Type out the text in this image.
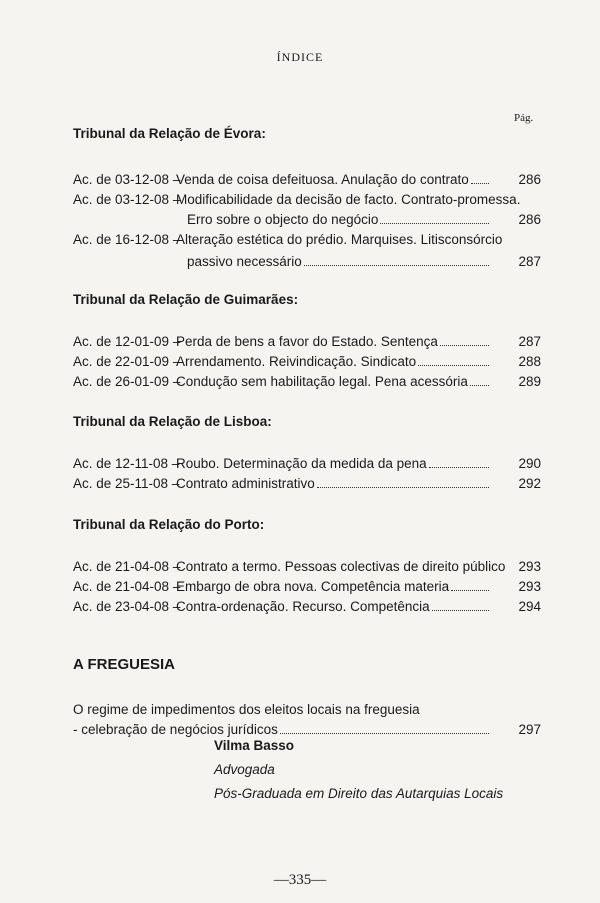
ÍNDICE
Pág.
Tribunal da Relação de Évora:
Ac. de 03-12-08 –
Venda de coisa defeituosa. Anulação do contrato	286
Ac. de 03-12-08 –
Modificabilidade da decisão de facto. Contrato-promessa.
Erro sobre o objecto do negócio	286
Ac. de 16-12-08 –
Alteração estética do prédio. Marquises. Litisconsórcio
passivo necessário	287
Tribunal da Relação de Guimarães:
Ac. de 12-01-09 –
Perda de bens a favor do Estado. Sentença	287
Ac. de 22-01-09 –
Arrendamento. Reivindicação. Sindicato	288
Ac. de 26-01-09 –
Condução sem habilitação legal. Pena acessória	289
Tribunal da Relação de Lisboa:
Ac. de 12-11-08 –
Roubo. Determinação da medida da pena	290
Ac. de 25-11-08 –
Contrato administrativo	292
Tribunal da Relação do Porto:
Ac. de 21-04-08 –
Contrato a termo. Pessoas colectivas de direito público 293
Ac. de 21-04-08 –
Embargo de obra nova. Competência materia	293
Ac. de 23-04-08 –
Contra-ordenação. Recurso. Competência	294
A FREGUESIA
O regime de impedimentos dos eleitos locais na freguesia
- celebração de negócios jurídicos	297
Vilma Basso
Advogada
Pós-Graduada em Direito das Autarquias Locais
—335—
